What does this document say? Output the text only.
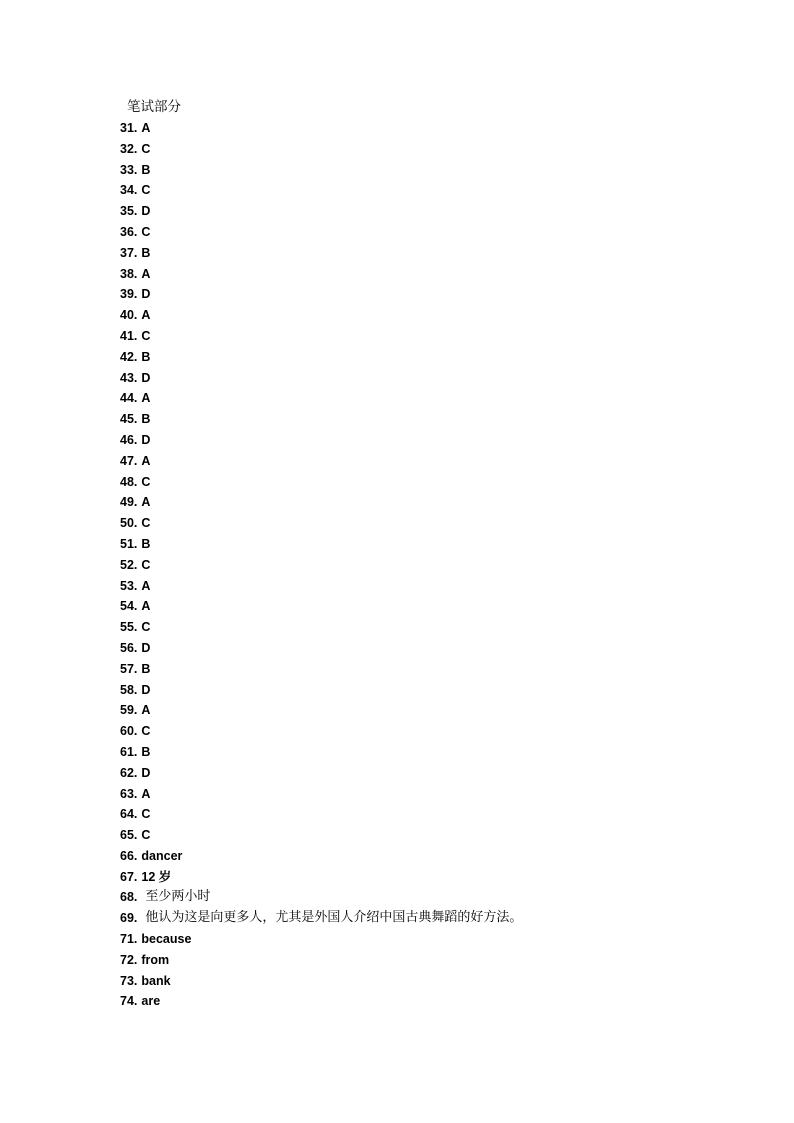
笔试部分
31. A
32. C
33. B
34. C
35. D
36. C
37. B
38. A
39. D
40. A
41. C
42. B
43. D
44. A
45. B
46. D
47. A
48. C
49. A
50. C
51. B
52. C
53. A
54. A
55. C
56. D
57. B
58. D
59. A
60. C
61. B
62. D
63. A
64. C
65. C
66. dancer
67. 12 岁
68. 至少两小时
69. 他认为这是向更多人，尤其是外国人介绍中国古典舞蹈的好方法。
71. because
72. from
73. bank
74. are
